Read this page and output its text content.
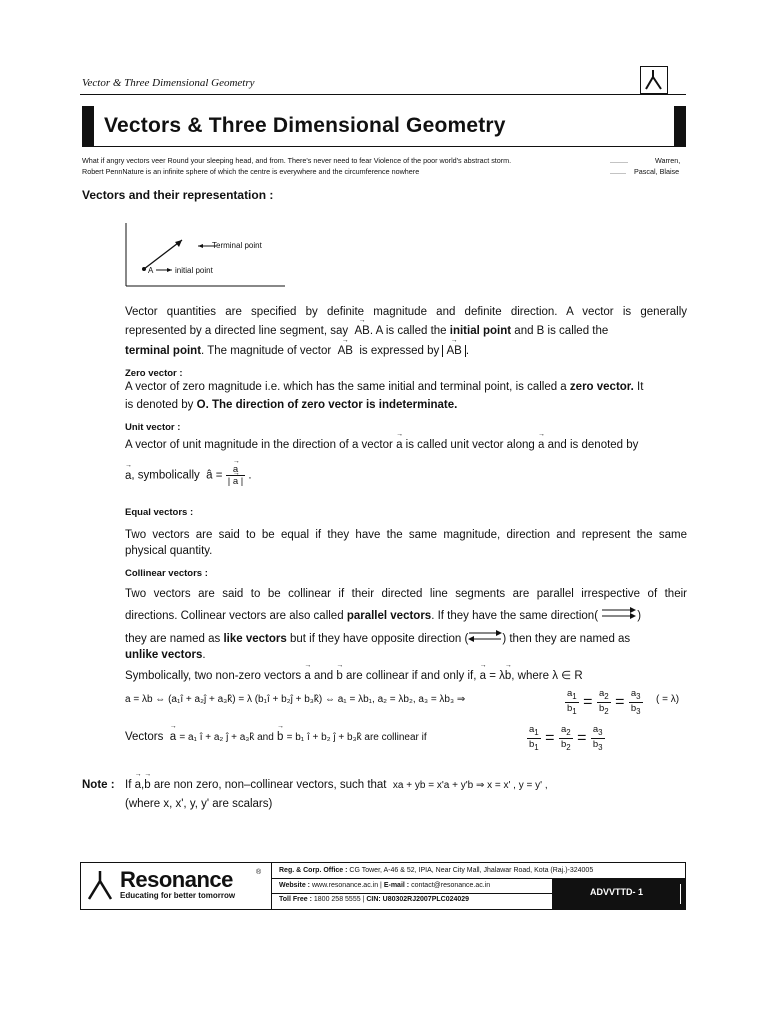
Vector & Three Dimensional Geometry
Vectors & Three Dimensional Geometry
What if angry vectors veer Round your sleeping head, and from. There's never need to fear Violence of the poor world's abstract storm.	.........	Warren,
Robert PennNature is an infinite sphere of which the centre is everywhere and the circumference nowhere	........ Pascal, Blaise
Vectors and their representation :
Terminal point
A	initial point
Vector quantities are specified by definite magnitude and definite direction. A vector is generally
represented by a directed line segment, say → AB. A is called the initial point and B is called the
terminal point. The magnitude of vector → AB is expressed by → AB .
Zero vector :
A vector of zero magnitude i.e. which has the same initial and terminal point, is called a zero vector. It
is denoted by O. The direction of zero vector is indeterminate.
Unit vector :
A vector of unit magnitude in the direction of a vector → a is called unit vector along → a and is denoted by
→ a, symbolically  â = → $\frac{a}{| \to a |}$ .
Equal vectors :
Two vectors are said to be equal if they have the same magnitude, direction and represent the same
physical quantity.
Collinear vectors :
Two vectors are said to be collinear if their directed line segments are parallel irrespective of their
directions. Collinear vectors are also called parallel vectors. If they have the same direction(	)
they are named as like vectors but if they have opposite direction (	) then they are named as
unlike vectors.
Symbolically, two non-zero vectors → a and → b are collinear if and only if, → a = λ→ b, where λ ∈ R
a = λb ⇔ (a₁î + a₂ĵ + a₃k̂) = λ (b₁î + b₂ĵ + b₃k̂) ⇔ a₁ = λb₁, a₂ = λb₂, a₃ = λb₃ ⇒	$\frac{a_1}{b_1} = \frac{a_2}{b_2} = \frac{a_3}{b_3}$ ( = λ)
Vectors → a = a₁ î + a₂ ĵ + a₃k̂ and → b = b₁ î + b₂ ĵ + b₃k̂ are collinear if	$\frac{a_1}{b_1} = \frac{a_2}{b_2} = \frac{a_3}{b_3}$
Note : If → a,→ b are non zero, non–collinear vectors, such that xa + yb = x'a + y'b ⇒ x = x' , y = y' ,
(where x, x', y, y' are scalars)
Resonance	®
Educating for better tomorrow
Reg. & Corp. Office : CG Tower, A-46 & 52, IPIA, Near City Mall, Jhalawar Road, Kota (Raj.)-324005
Website : www.resonance.ac.in | E-mail : contact@resonance.ac.in
Toll Free : 1800 258 5555 | CIN: U80302RJ2007PLC024029
ADVVTTD- 1
